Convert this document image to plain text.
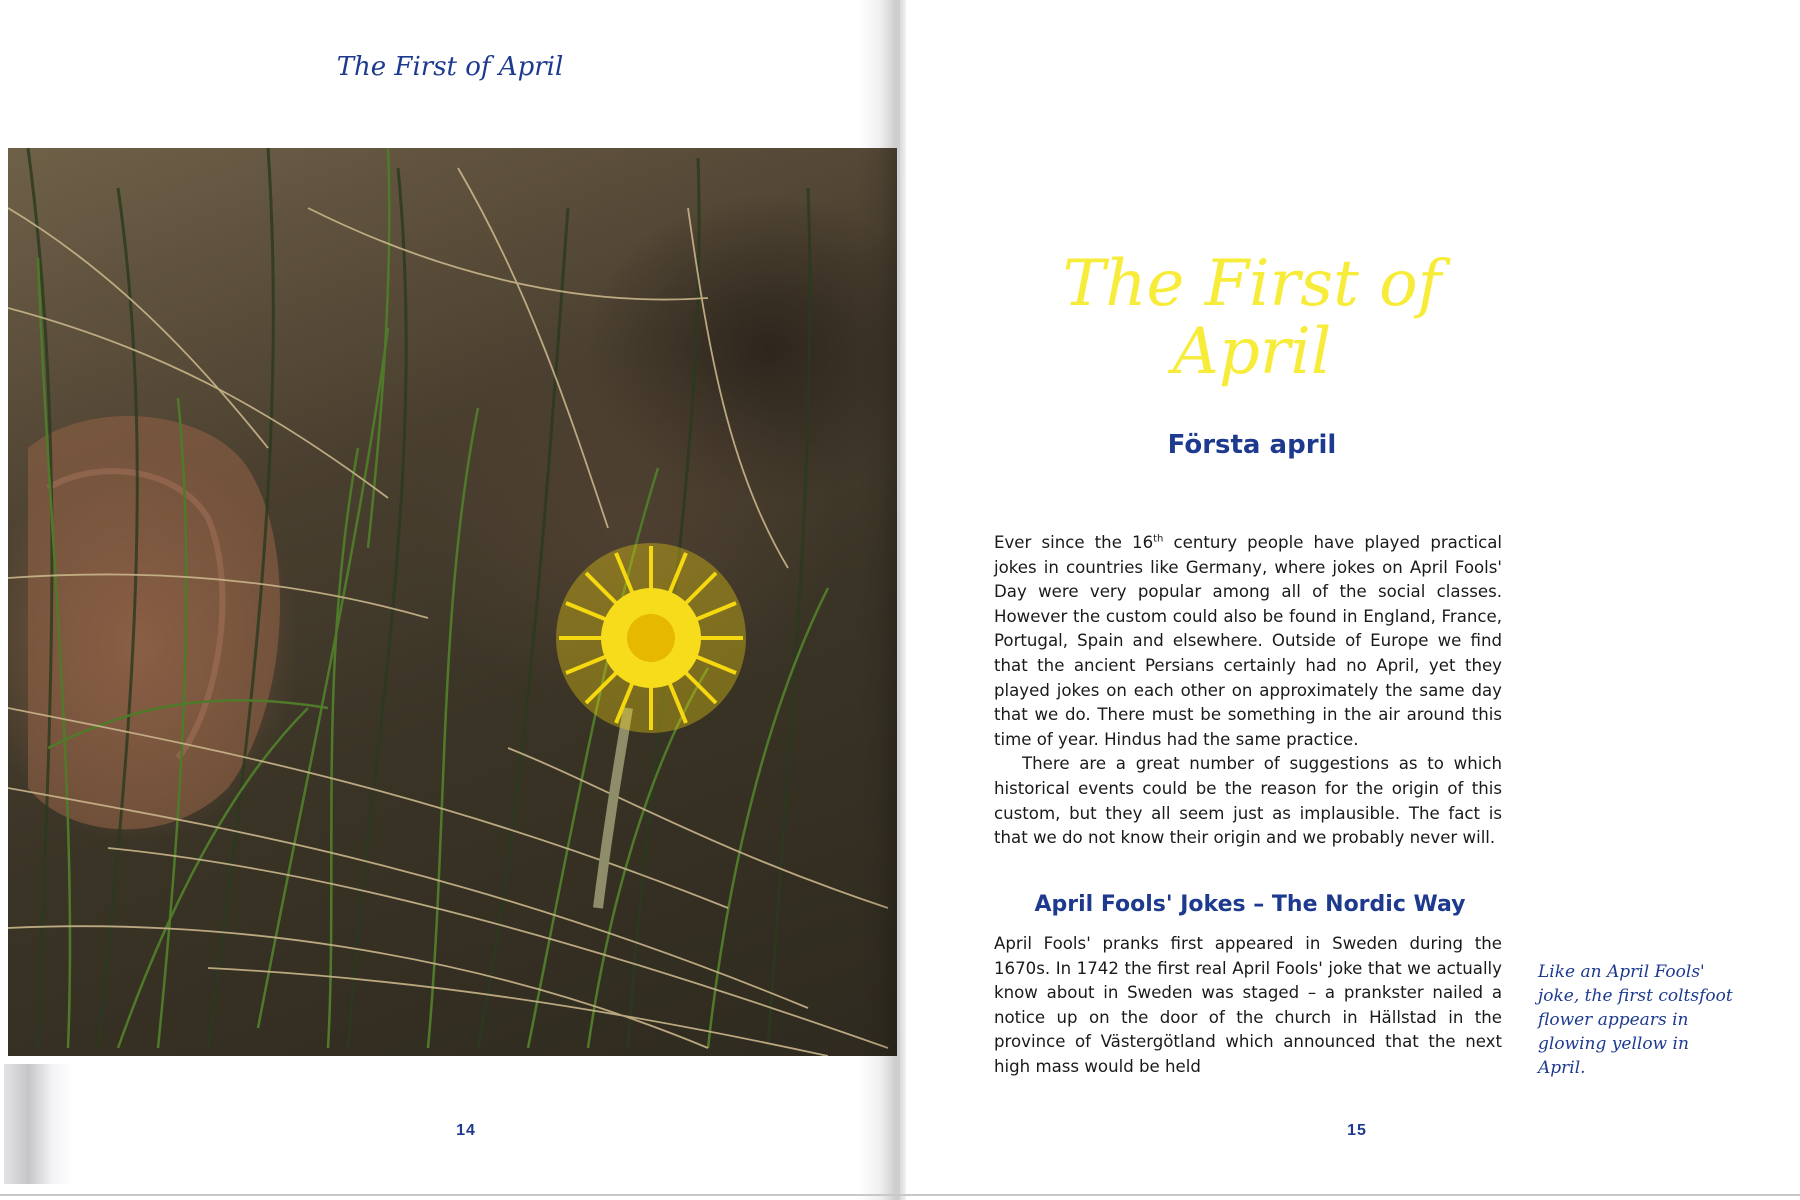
The First of April
14
The First of April
Första april

Ever since the 16th century people have played practical jokes in countries like Germany, where jokes on April Fools' Day were very popular among all of the social classes. However the custom could also be found in England, France, Portugal, Spain and elsewhere. Outside of Europe we find that the ancient Persians certainly had no April, yet they played jokes on each other on approximately the same day that we do. There must be something in the air around this time of year. Hindus had the same practice.

There are a great number of suggestions as to which historical events could be the reason for the origin of this custom, but they all seem just as implausible. The fact is that we do not know their origin and we probably never will.

April Fools' Jokes – The Nordic Way

April Fools' pranks first appeared in Sweden during the 1670s. In 1742 the first real April Fools' joke that we actually know about in Sweden was staged – a prankster nailed a notice up on the door of the church in Hällstad in the province of Västergötland which announced that the next high mass would be held

Like an April Fools' joke, the first coltsfoot flower appears in glowing yellow in April.
15
